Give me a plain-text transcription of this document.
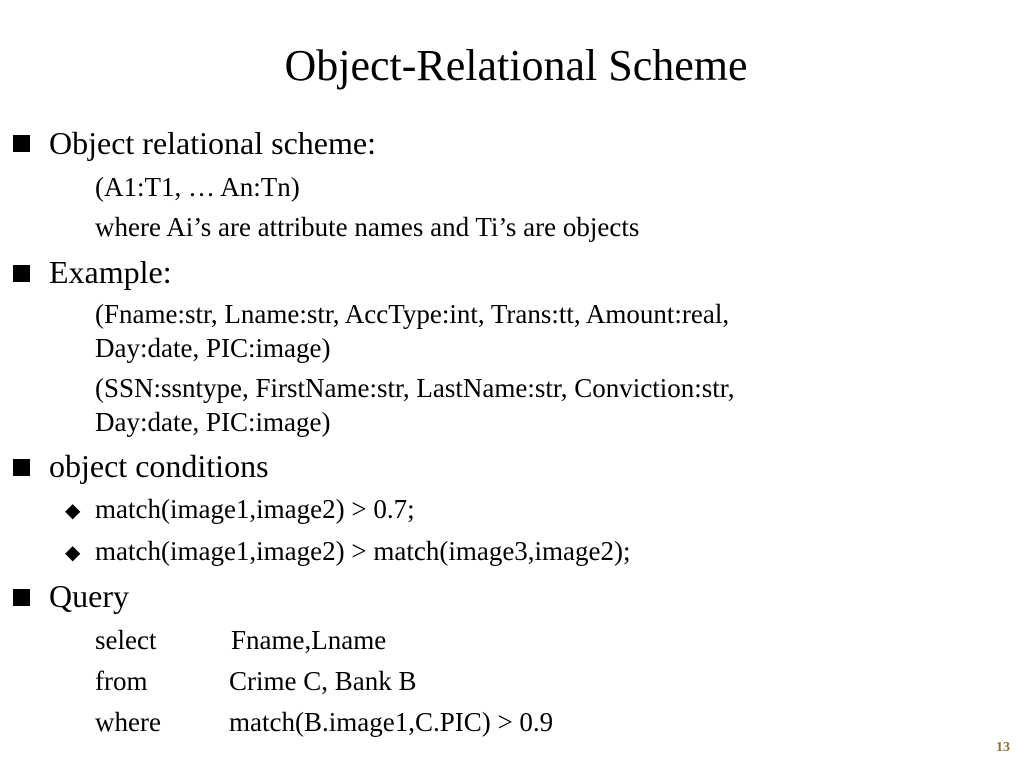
Object-Relational Scheme
Object relational scheme:
(A1:T1, … An:Tn)
where Ai’s are attribute names and Ti’s are objects
Example:
(Fname:str, Lname:str, AccType:int, Trans:tt, Amount:real,
Day:date, PIC:image)
(SSN:ssntype, FirstName:str, LastName:str, Conviction:str,
Day:date, PIC:image)
object conditions
◆ match(image1,image2) > 0.7;
◆ match(image1,image2) > match(image3,image2);
Query
select	Fname,Lname
from	Crime C, Bank B
where	match(B.image1,C.PIC) > 0.9
13
